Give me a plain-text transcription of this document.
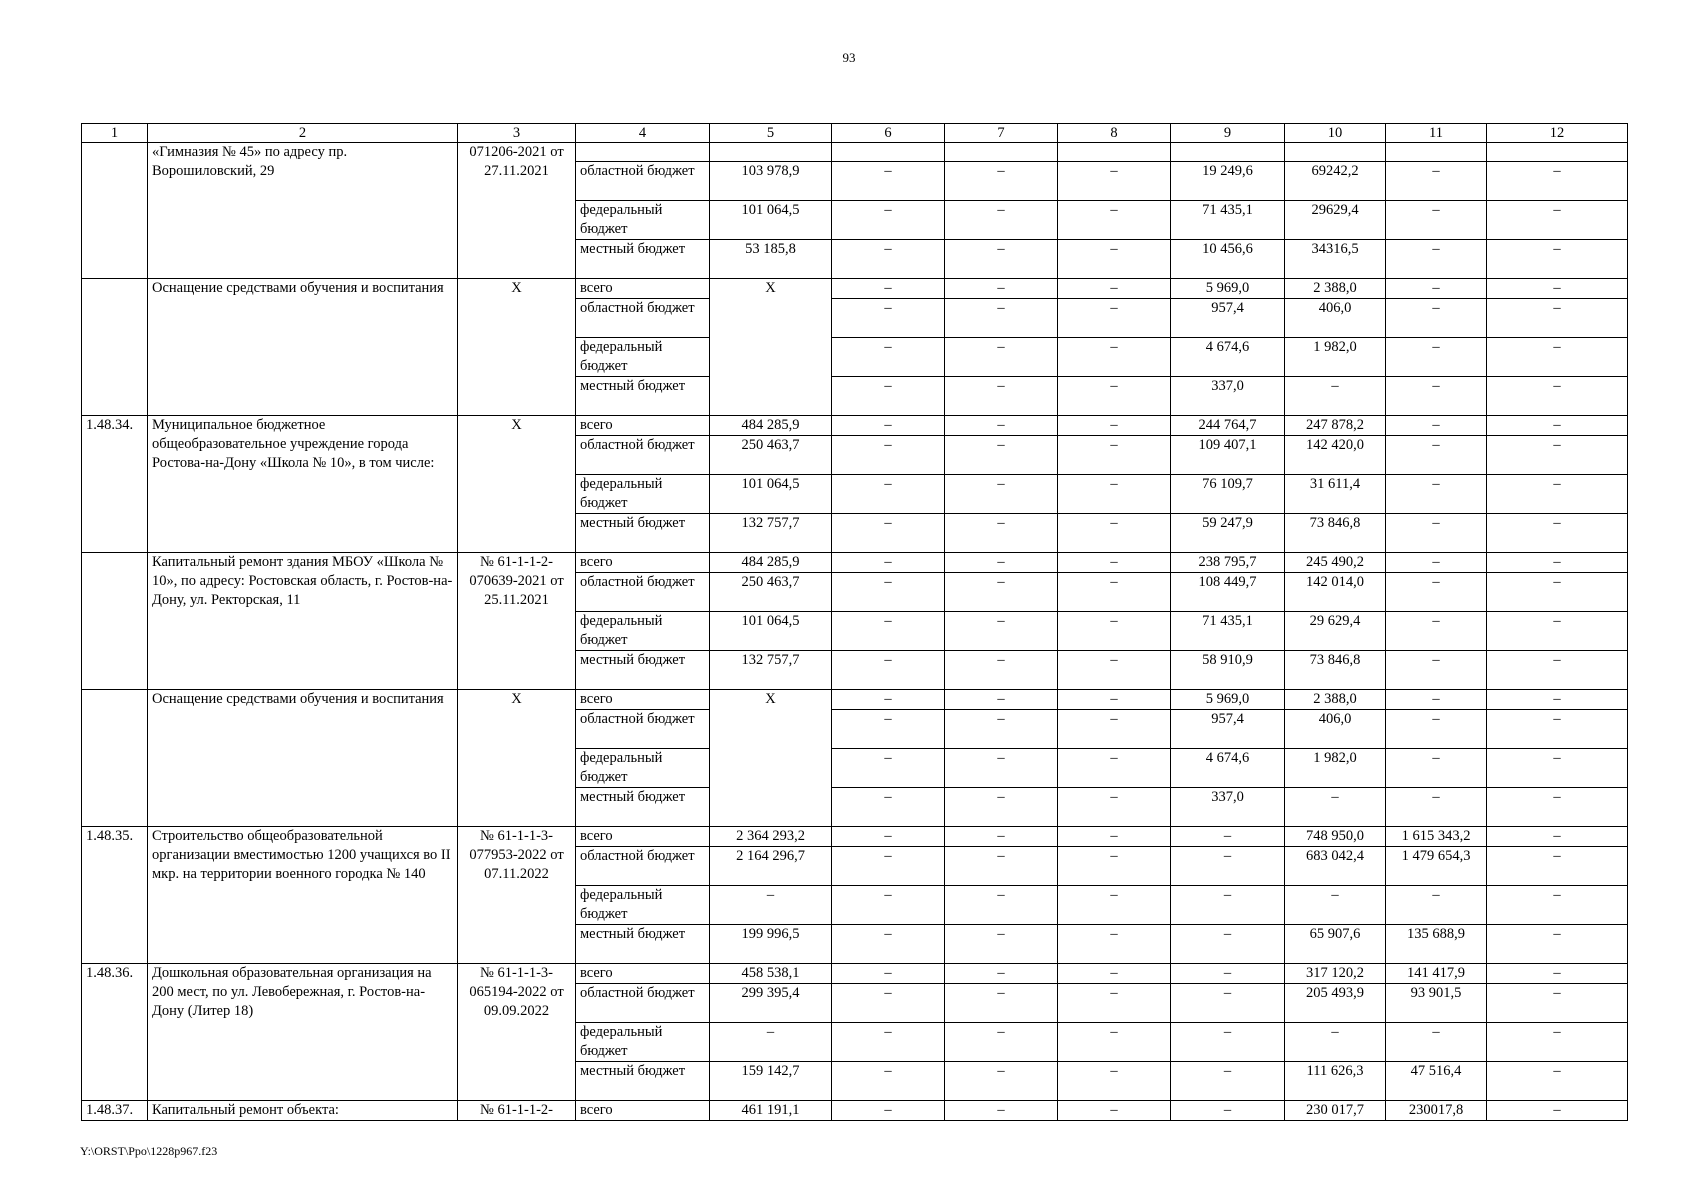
93
1	2	3	4	5	6	7	8	9	10	11	12
	«Гимназия № 45» по адресу пр. Ворошиловский, 29	071206-2021 от 27.11.2021									
			областной бюджет	103 978,9	–	–	–	19 249,6	69242,2	–	–
			федеральный бюджет	101 064,5	–	–	–	71 435,1	29629,4	–	–
			местный бюджет	53 185,8	–	–	–	10 456,6	34316,5	–	–
	Оснащение средствами обучения и воспитания	Х	всего	Х	–	–	–	5 969,0	2 388,0	–	–
			областной бюджет		–	–	–	957,4	406,0	–	–
			федеральный бюджет		–	–	–	4 674,6	1 982,0	–	–
			местный бюджет		–	–	–	337,0	–	–	–
1.48.34.	Муниципальное бюджетное общеобразовательное учреждение города Ростова-на-Дону «Школа № 10», в том числе:	Х	всего	484 285,9	–	–	–	244 764,7	247 878,2	–	–
			областной бюджет	250 463,7	–	–	–	109 407,1	142 420,0	–	–
			федеральный бюджет	101 064,5	–	–	–	76 109,7	31 611,4	–	–
			местный бюджет	132 757,7	–	–	–	59 247,9	73 846,8	–	–
	Капитальный ремонт здания МБОУ «Школа № 10», по адресу: Ростовская область, г. Ростов-на-Дону, ул. Ректорская, 11	№ 61-1-1-2-070639-2021 от 25.11.2021	всего	484 285,9	–	–	–	238 795,7	245 490,2	–	–
			областной бюджет	250 463,7	–	–	–	108 449,7	142 014,0	–	–
			федеральный бюджет	101 064,5	–	–	–	71 435,1	29 629,4	–	–
			местный бюджет	132 757,7	–	–	–	58 910,9	73 846,8	–	–
	Оснащение средствами обучения и воспитания	Х	всего	Х	–	–	–	5 969,0	2 388,0	–	–
			областной бюджет		–	–	–	957,4	406,0	–	–
			федеральный бюджет		–	–	–	4 674,6	1 982,0	–	–
			местный бюджет		–	–	–	337,0	–	–	–
1.48.35.	Строительство общеобразовательной организации вместимостью 1200 учащихся во II мкр. на территории военного городка № 140	№ 61-1-1-3-077953-2022 от 07.11.2022	всего	2 364 293,2	–	–	–	–	748 950,0	1 615 343,2	–
			областной бюджет	2 164 296,7	–	–	–	–	683 042,4	1 479 654,3	–
			федеральный бюджет	–	–	–	–	–	–	–	–
			местный бюджет	199 996,5	–	–	–	–	65 907,6	135 688,9	–
1.48.36.	Дошкольная образовательная организация на 200 мест, по ул. Левобережная, г. Ростов-на-Дону (Литер 18)	№ 61-1-1-3-065194-2022 от 09.09.2022	всего	458 538,1	–	–	–	–	317 120,2	141 417,9	–
			областной бюджет	299 395,4	–	–	–	–	205 493,9	93 901,5	–
			федеральный бюджет	–	–	–	–	–	–	–	–
			местный бюджет	159 142,7	–	–	–	–	111 626,3	47 516,4	–
1.48.37.	Капитальный ремонт объекта:	№ 61-1-1-2-	всего	461 191,1	–	–	–	–	230 017,7	230017,8	–
Y:\ORST\Ppo\1228p967.f23
